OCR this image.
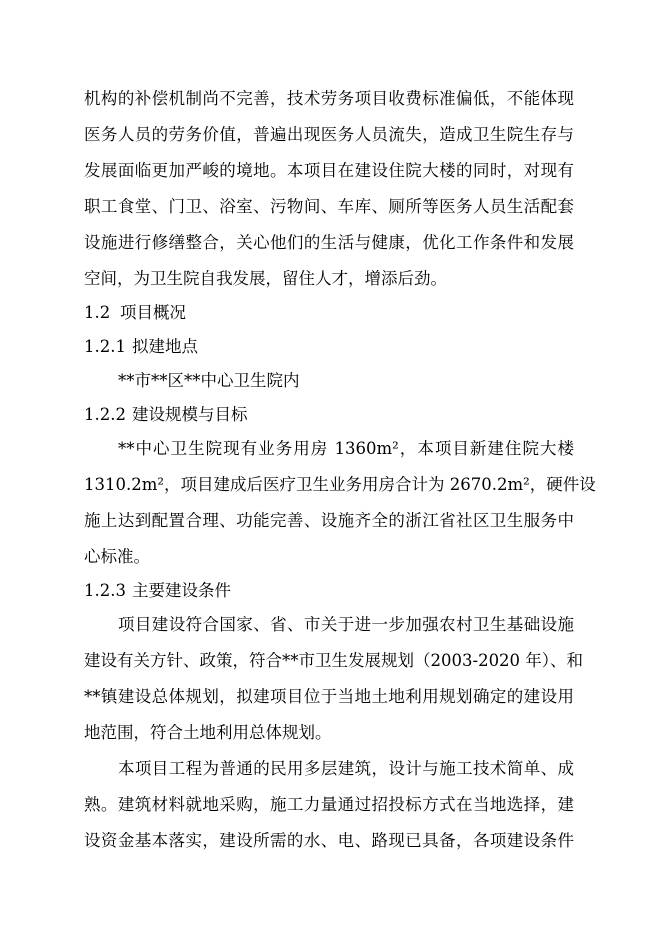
机构的补偿机制尚不完善，技术劳务项目收费标准偏低，不能体现
医务人员的劳务价值，普遍出现医务人员流失，造成卫生院生存与
发展面临更加严峻的境地。本项目在建设住院大楼的同时，对现有
职工食堂、门卫、浴室、污物间、车库、厕所等医务人员生活配套
设施进行修缮整合，关心他们的生活与健康，优化工作条件和发展
空间，为卫生院自我发展，留住人才，增添后劲。
1.2 项目概况
1.2.1 拟建地点
**市**区**中心卫生院内
1.2.2 建设规模与目标
**中心卫生院现有业务用房 1360m²，本项目新建住院大楼
1310.2m²，项目建成后医疗卫生业务用房合计为 2670.2m²，硬件设
施上达到配置合理、功能完善、设施齐全的浙江省社区卫生服务中
心标准。
1.2.3 主要建设条件
项目建设符合国家、省、市关于进一步加强农村卫生基础设施
建设有关方针、政策，符合**市卫生发展规划（2003-2020 年）、和
**镇建设总体规划，拟建项目位于当地土地利用规划确定的建设用
地范围，符合土地利用总体规划。
本项目工程为普通的民用多层建筑，设计与施工技术简单、成
熟。建筑材料就地采购，施工力量通过招投标方式在当地选择，建
设资金基本落实，建设所需的水、电、路现已具备，各项建设条件
